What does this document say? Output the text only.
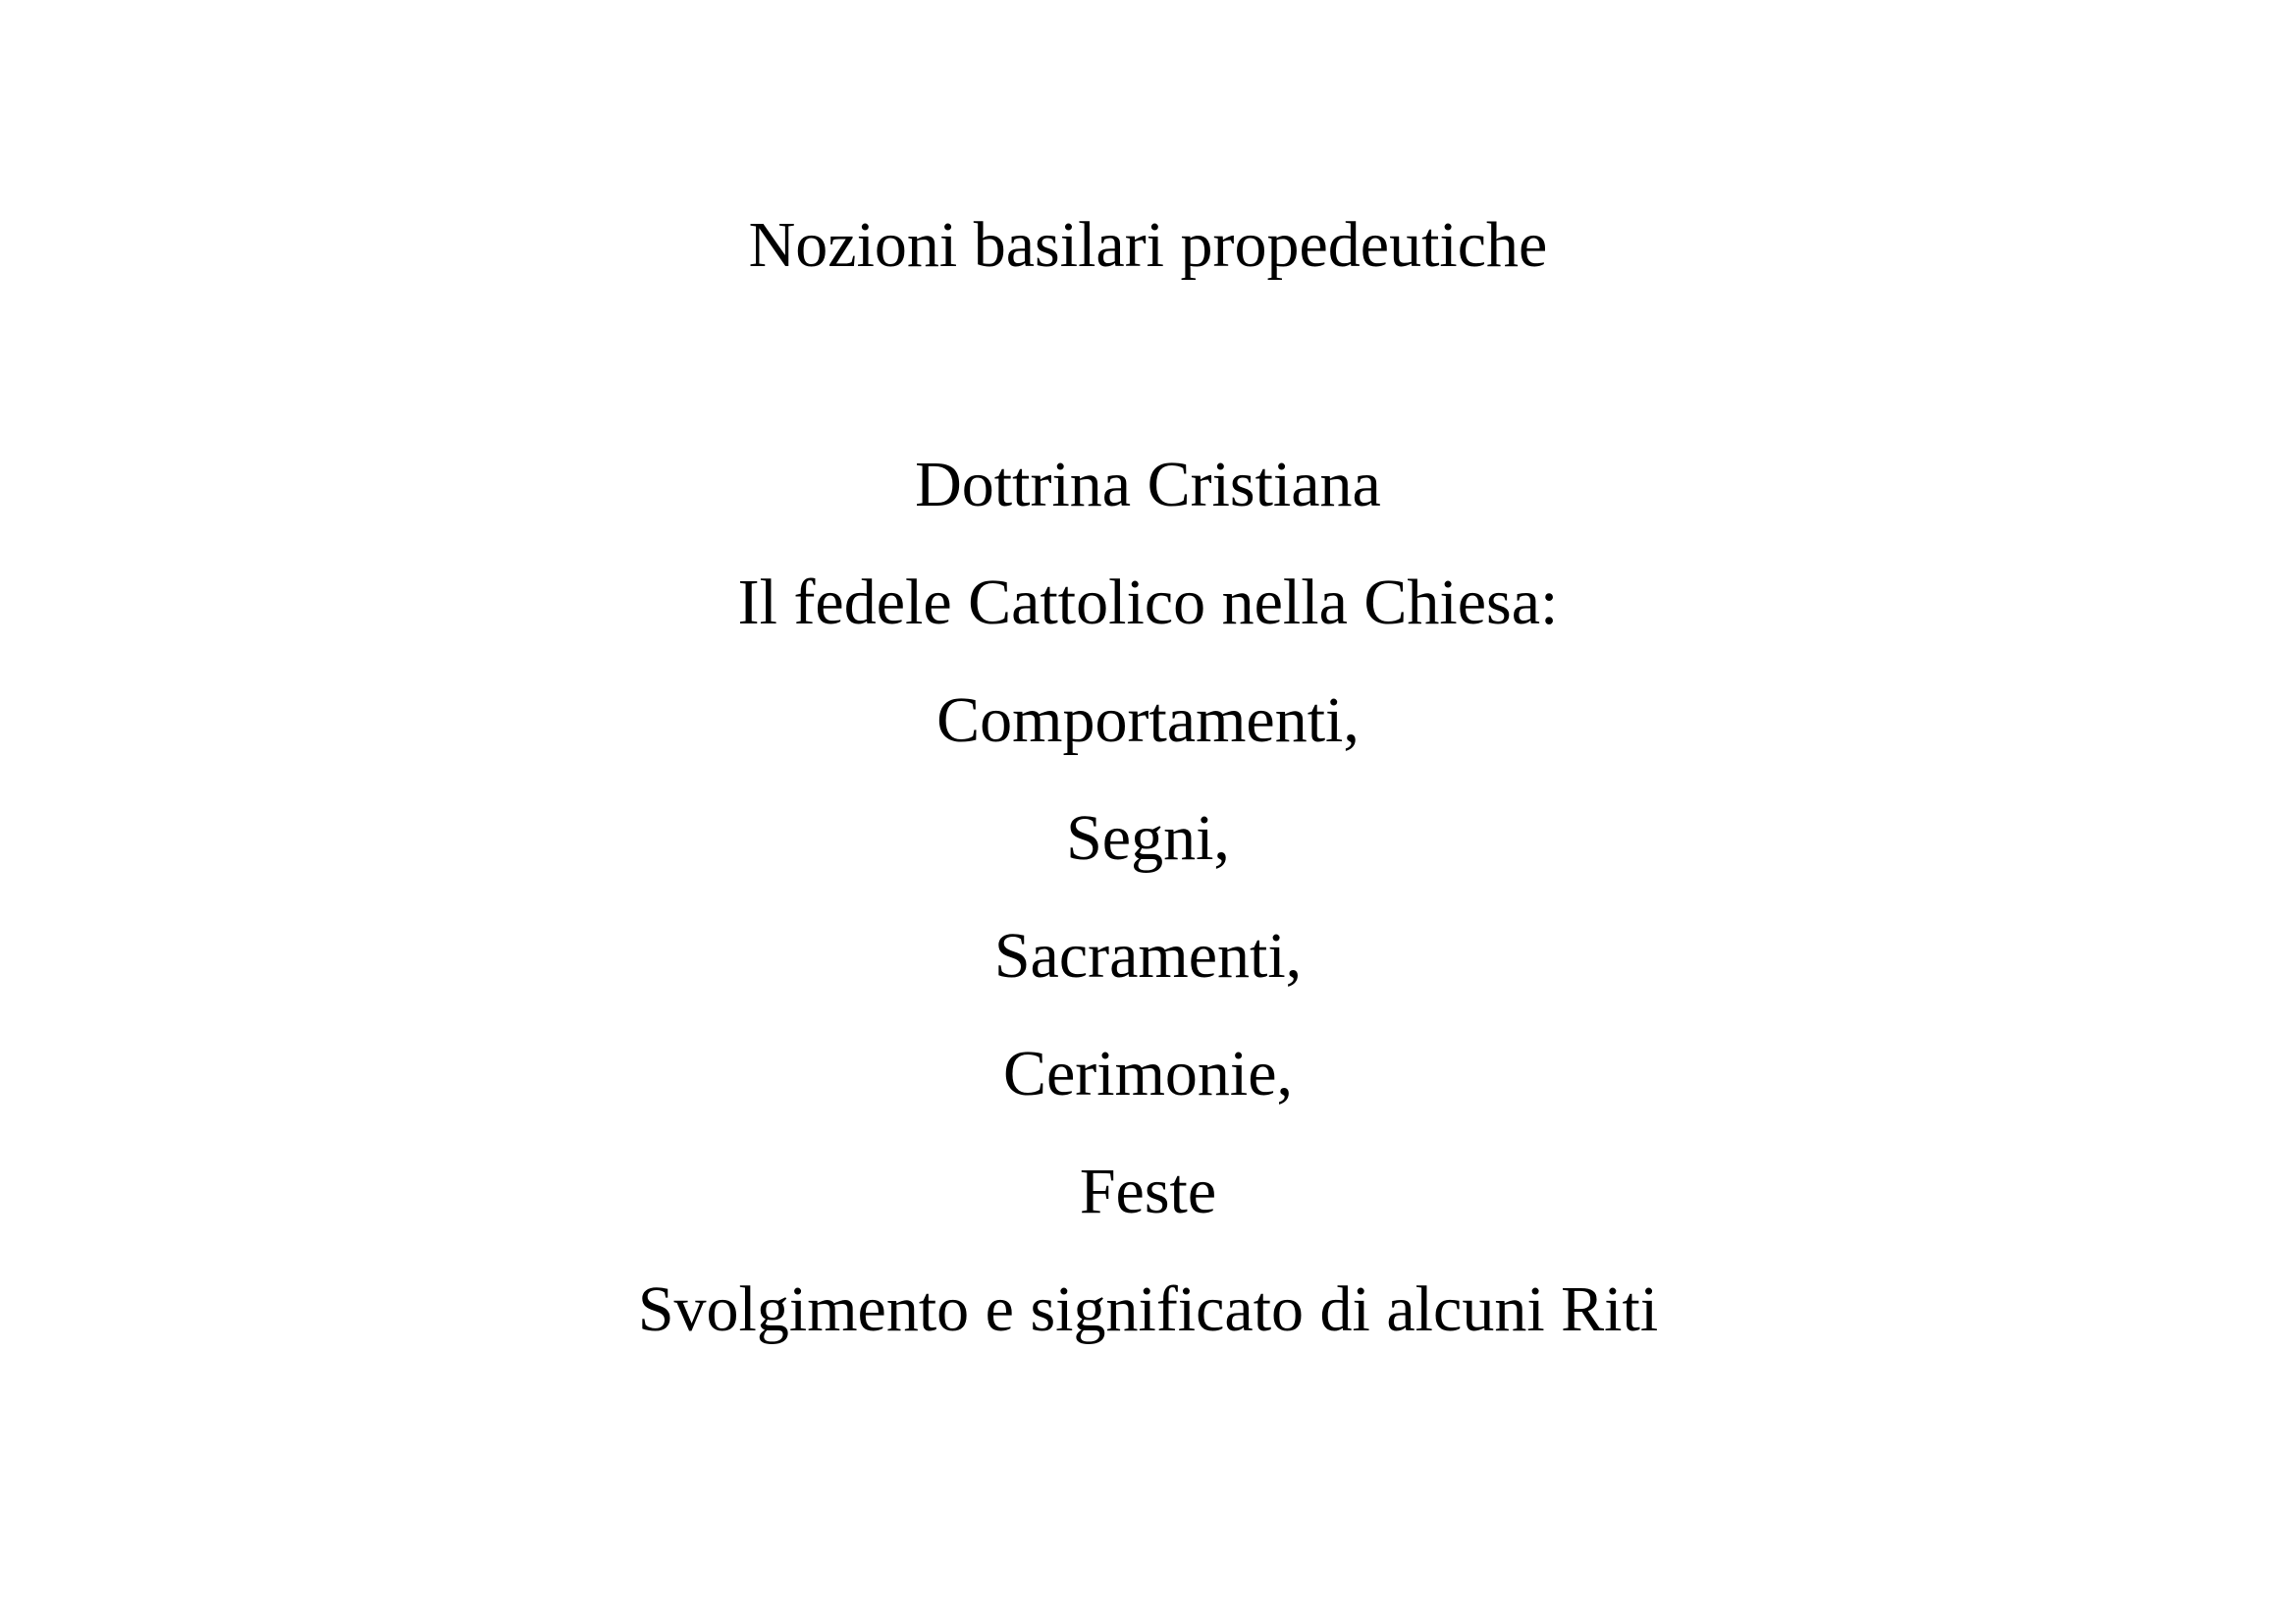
Nozioni basilari propedeutiche
Dottrina Cristiana
Il fedele Cattolico nella Chiesa:
Comportamenti,
Segni,
Sacramenti,
Cerimonie,
Feste
Svolgimento e significato di alcuni Riti
